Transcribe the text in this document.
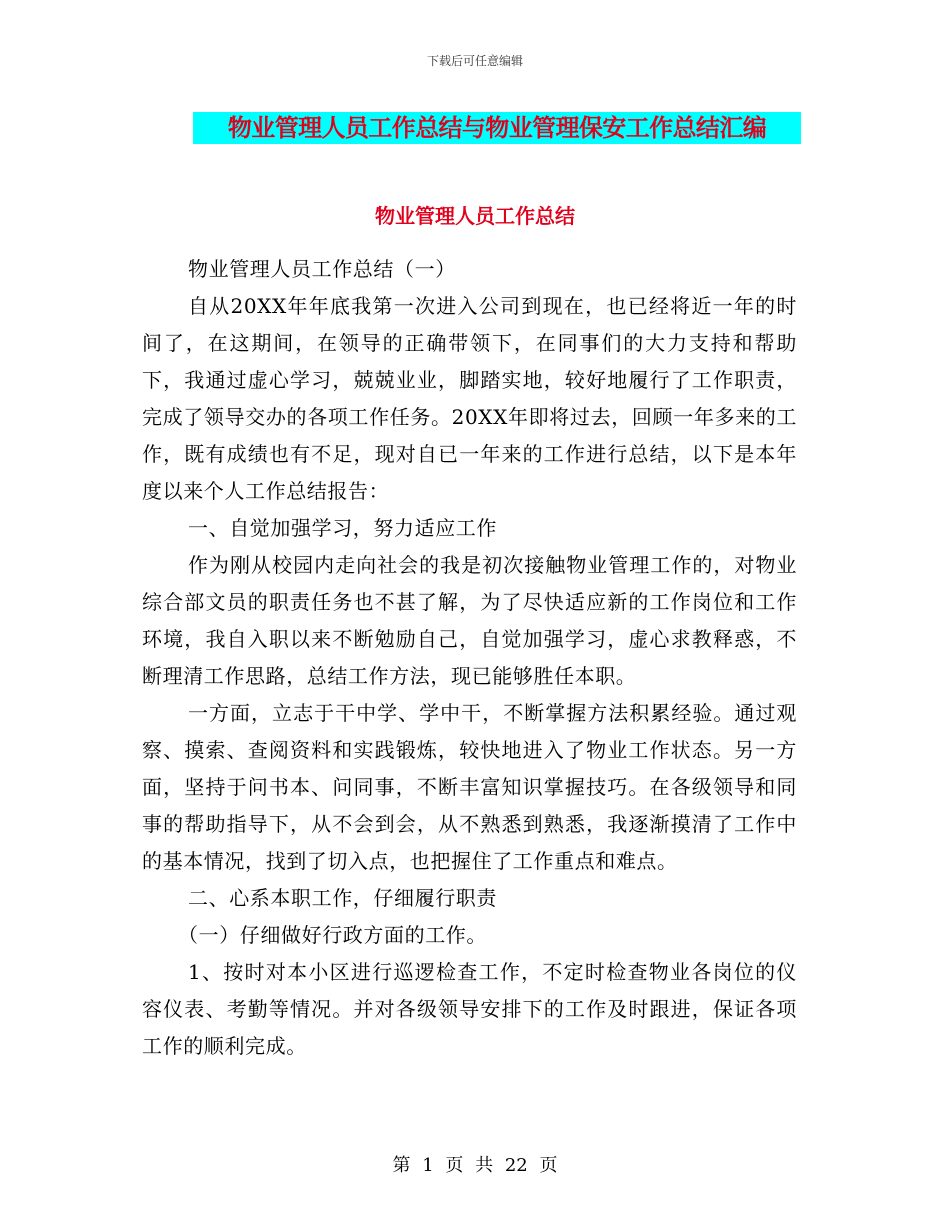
下载后可任意编辑
物业管理人员工作总结与物业管理保安工作总结汇编
物业管理人员工作总结

物业管理人员工作总结（一）

自从20XX年年底我第一次进入公司到现在，也已经将近一年的时间了，在这期间，在领导的正确带领下，在同事们的大力支持和帮助下，我通过虚心学习，兢兢业业，脚踏实地，较好地履行了工作职责，完成了领导交办的各项工作任务。20XX年即将过去，回顾一年多来的工作，既有成绩也有不足，现对自已一年来的工作进行总结，以下是本年度以来个人工作总结报告：

一、自觉加强学习，努力适应工作

作为刚从校园内走向社会的我是初次接触物业管理工作的，对物业综合部文员的职责任务也不甚了解，为了尽快适应新的工作岗位和工作环境，我自入职以来不断勉励自己，自觉加强学习，虚心求教释惑，不断理清工作思路，总结工作方法，现已能够胜任本职。

一方面，立志于干中学、学中干，不断掌握方法积累经验。通过观察、摸索、查阅资料和实践锻炼，较快地进入了物业工作状态。另一方面，坚持于问书本、问同事，不断丰富知识掌握技巧。在各级领导和同事的帮助指导下，从不会到会，从不熟悉到熟悉，我逐渐摸清了工作中的基本情况，找到了切入点，也把握住了工作重点和难点。

二、心系本职工作，仔细履行职责

（一）仔细做好行政方面的工作。

1、按时对本小区进行巡逻检查工作，不定时检查物业各岗位的仪容仪表、考勤等情况。并对各级领导安排下的工作及时跟进，保证各项工作的顺利完成。

第 1 页 共 22 页
